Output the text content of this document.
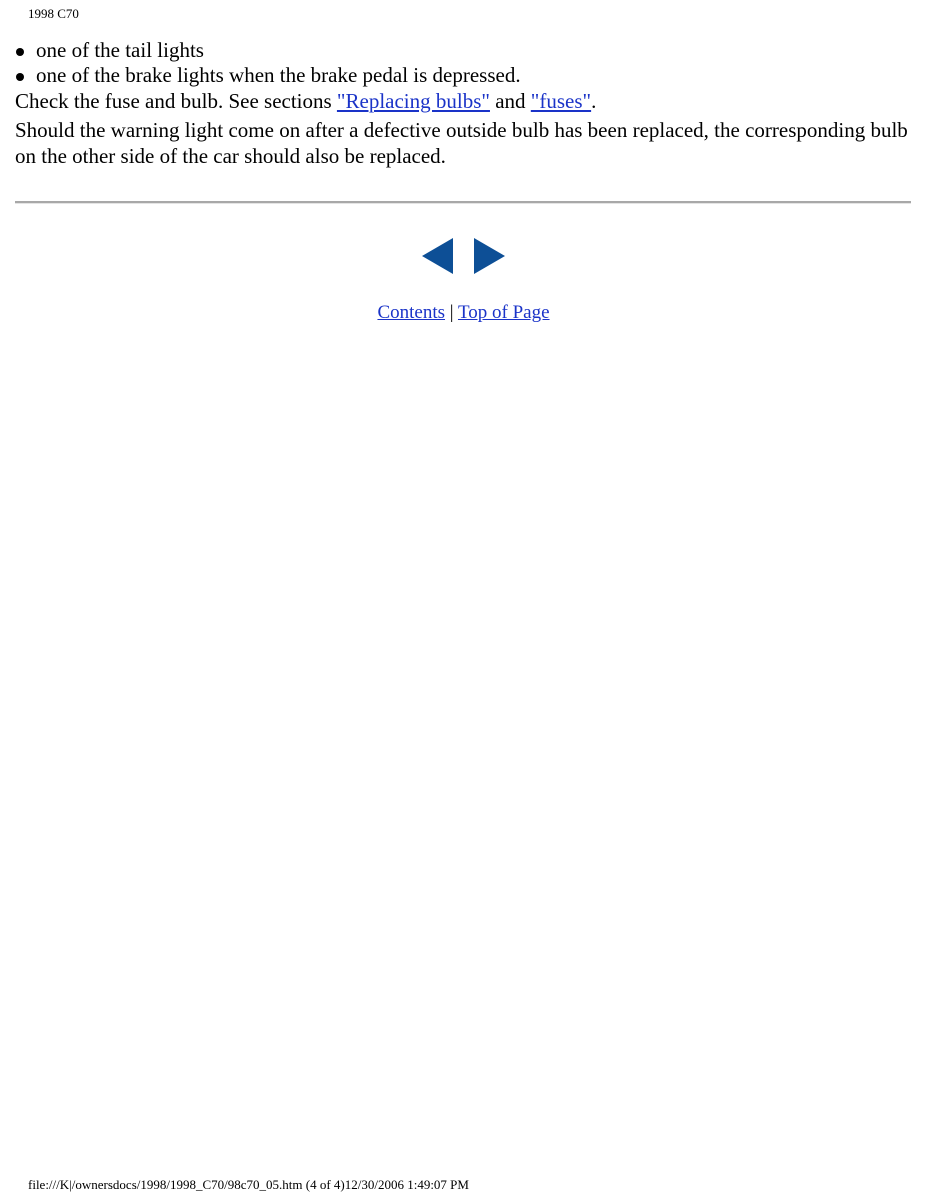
1998 C70
one of the tail lights
one of the brake lights when the brake pedal is depressed.

Check the fuse and bulb. See sections "Replacing bulbs" and "fuses".

Should the warning light come on after a defective outside bulb has been replaced, the corresponding bulb on the other side of the car should also be replaced.

Contents | Top of Page
file:///K|/ownersdocs/1998/1998_C70/98c70_05.htm (4 of 4)12/30/2006 1:49:07 PM
